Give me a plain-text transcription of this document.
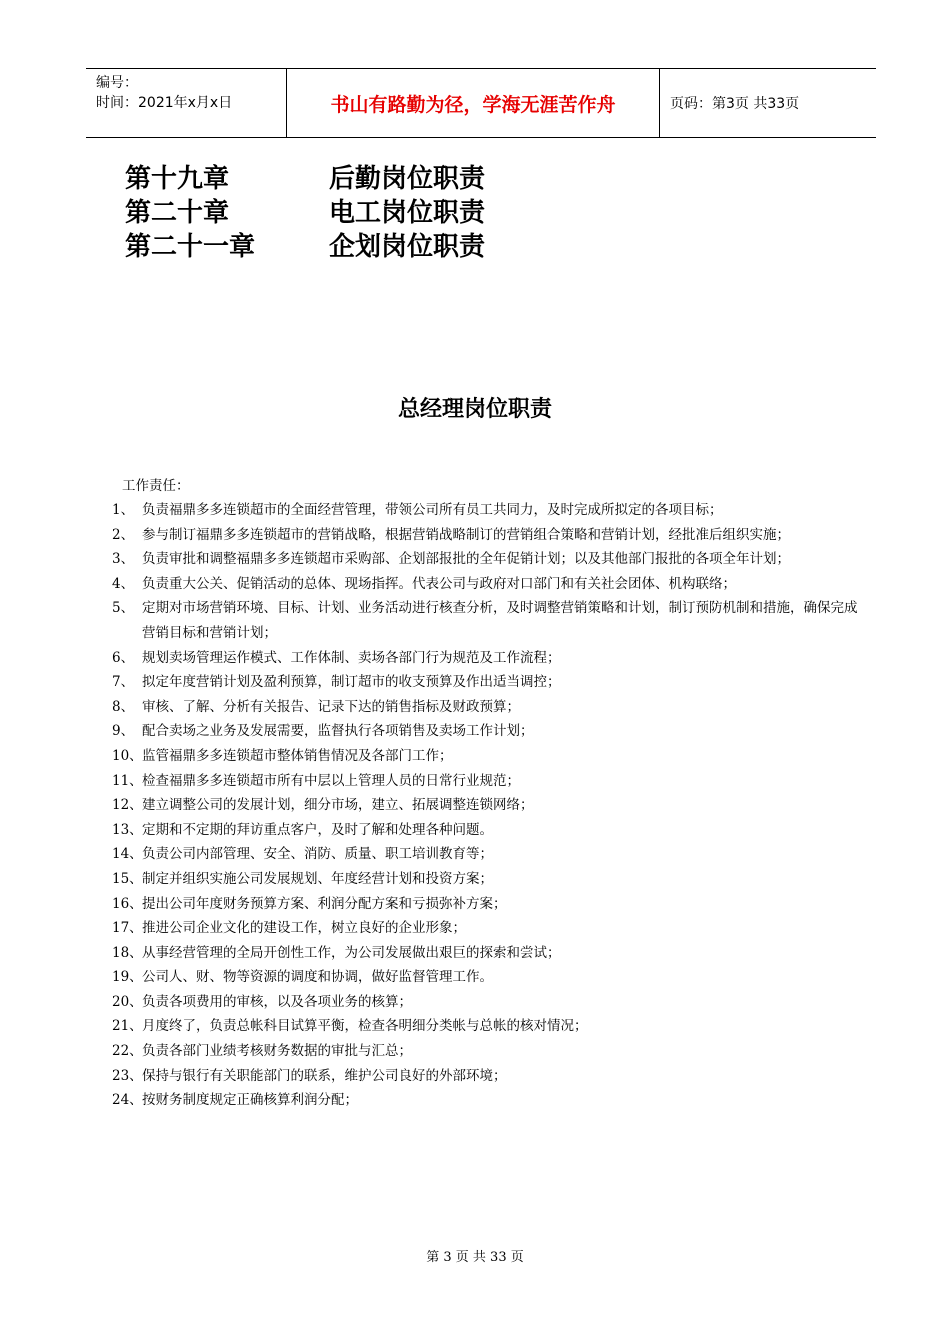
编号：
时间：2021年x月x日	书山有路勤为径，学海无涯苦作舟	页码：第3页 共33页
第十九章	后勤岗位职责
第二十章	电工岗位职责
第二十一章	企划岗位职责
总经理岗位职责
工作责任：
1、 负责福鼎多多连锁超市的全面经营管理，带领公司所有员工共同力，及时完成所拟定的各项目标；
2、 参与制订福鼎多多连锁超市的营销战略，根据营销战略制订的营销组合策略和营销计划，经批准后组织实施；
3、 负责审批和调整福鼎多多连锁超市采购部、企划部报批的全年促销计划；以及其他部门报批的各项全年计划；
4、 负责重大公关、促销活动的总体、现场指挥。代表公司与政府对口部门和有关社会团体、机构联络；
5、 定期对市场营销环境、目标、计划、业务活动进行核查分析，及时调整营销策略和计划，制订预防机制和措施，确保完成营销目标和营销计划；
6、 规划卖场管理运作模式、工作体制、卖场各部门行为规范及工作流程；
7、 拟定年度营销计划及盈利预算，制订超市的收支预算及作出适当调控；
8、 审核、了解、分析有关报告、记录下达的销售指标及财政预算；
9、 配合卖场之业务及发展需要，监督执行各项销售及卖场工作计划；
10、 监管福鼎多多连锁超市整体销售情况及各部门工作；
11、 检查福鼎多多连锁超市所有中层以上管理人员的日常行业规范；
12、 建立调整公司的发展计划，细分市场，建立、拓展调整连锁网络；
13、 定期和不定期的拜访重点客户，及时了解和处理各种问题。
14、 负责公司内部管理、安全、消防、质量、职工培训教育等；
15、 制定并组织实施公司发展规划、年度经营计划和投资方案；
16、 提出公司年度财务预算方案、利润分配方案和亏损弥补方案；
17、 推进公司企业文化的建设工作，树立良好的企业形象；
18、 从事经营管理的全局开创性工作，为公司发展做出艰巨的探索和尝试；
19、 公司人、财、物等资源的调度和协调，做好监督管理工作。
20、 负责各项费用的审核，以及各项业务的核算；
21、 月度终了，负责总帐科目试算平衡，检查各明细分类帐与总帐的核对情况；
22、 负责各部门业绩考核财务数据的审批与汇总；
23、 保持与银行有关职能部门的联系，维护公司良好的外部环境；
24、 按财务制度规定正确核算利润分配；
第 3 页 共 33 页
